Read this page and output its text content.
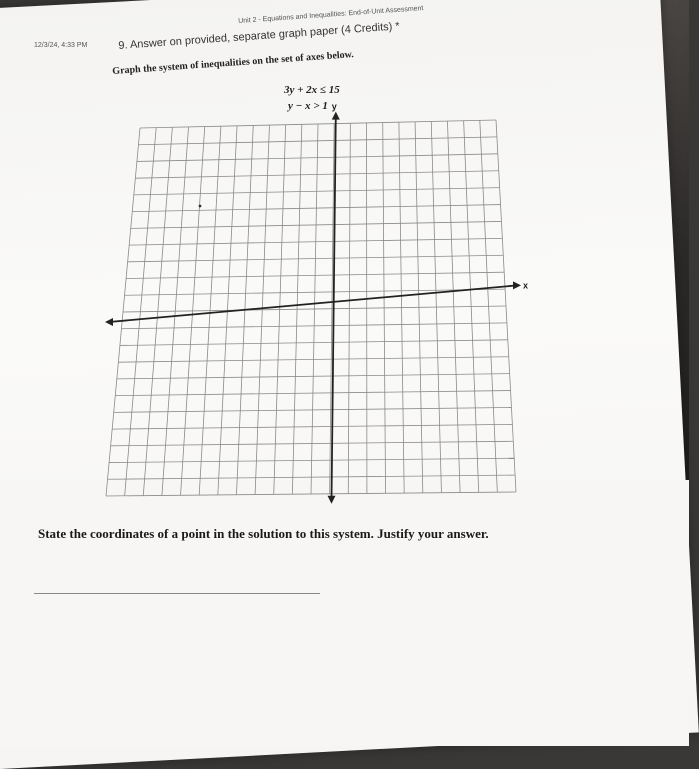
12/3/24, 4:33 PM
Unit 2 - Equations and Inequalities: End-of-Unit Assessment
9. Answer on provided, separate graph paper (4 Credits) *
Graph the system of inequalities on the set of axes below.
3y + 2x ≤ 15
y − x > 1
x
y
State the coordinates of a point in the solution to this system. Justify your answer.
